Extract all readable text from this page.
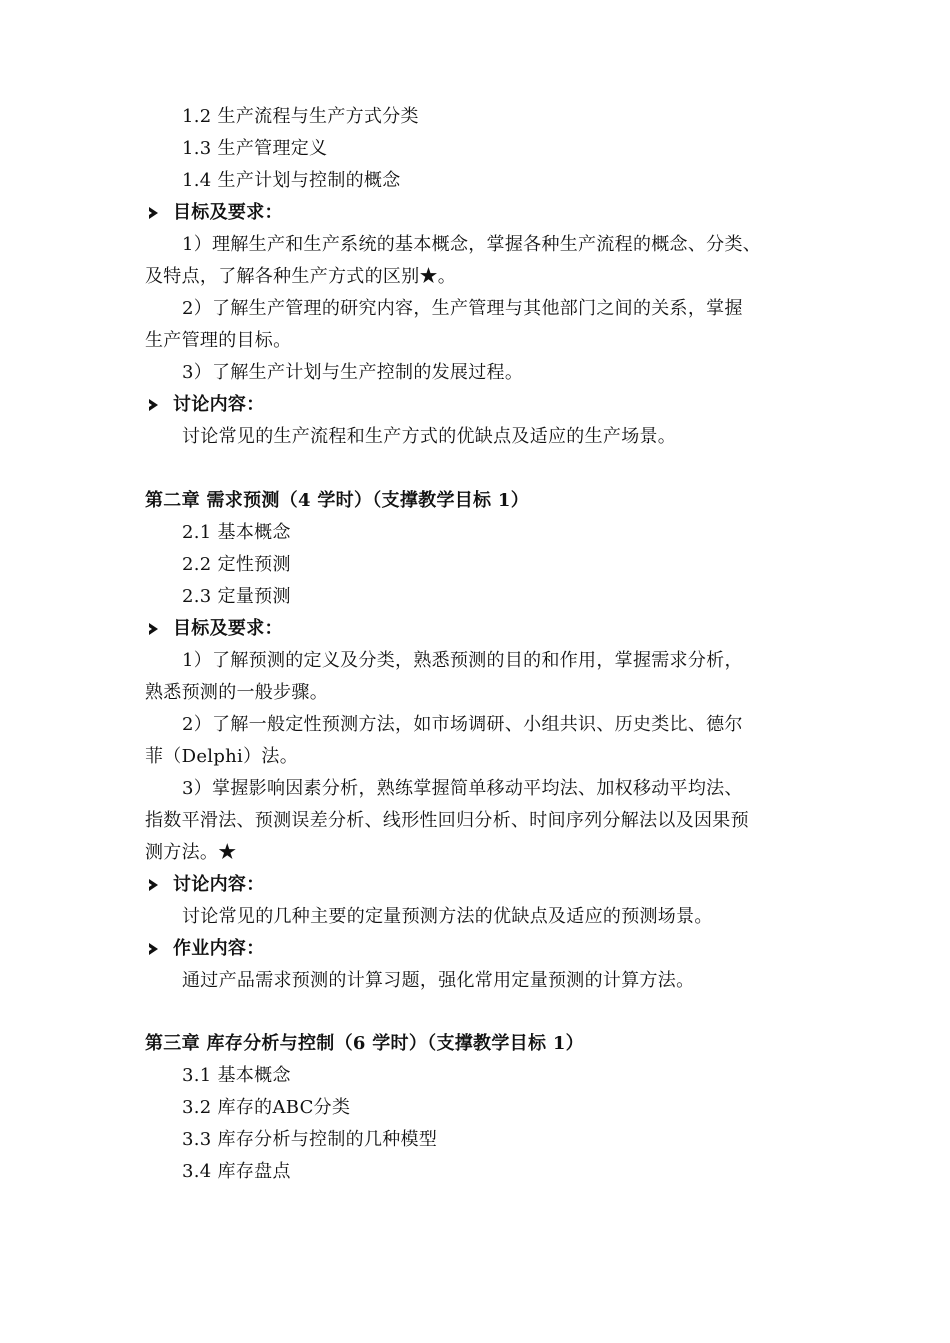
1.2 生产流程与生产方式分类
1.3 生产管理定义
1.4 生产计划与控制的概念
目标及要求：
1）理解生产和生产系统的基本概念，掌握各种生产流程的概念、分类、
及特点，了解各种生产方式的区别★。
2）了解生产管理的研究内容，生产管理与其他部门之间的关系，掌握
生产管理的目标。
3）了解生产计划与生产控制的发展过程。
讨论内容：
讨论常见的生产流程和生产方式的优缺点及适应的生产场景。
第二章 需求预测（4 学时）（支撑教学目标 1）
2.1 基本概念
2.2 定性预测
2.3 定量预测
目标及要求：
1）了解预测的定义及分类，熟悉预测的目的和作用，掌握需求分析，
熟悉预测的一般步骤。
2）了解一般定性预测方法，如市场调研、小组共识、历史类比、德尔
菲（Delphi）法。
3）掌握影响因素分析，熟练掌握简单移动平均法、加权移动平均法、
指数平滑法、预测误差分析、线形性回归分析、时间序列分解法以及因果预
测方法。★
讨论内容：
讨论常见的几种主要的定量预测方法的优缺点及适应的预测场景。
作业内容：
通过产品需求预测的计算习题，强化常用定量预测的计算方法。
第三章 库存分析与控制（6 学时）（支撑教学目标 1）
3.1 基本概念
3.2 库存的ABC分类
3.3 库存分析与控制的几种模型
3.4 库存盘点
